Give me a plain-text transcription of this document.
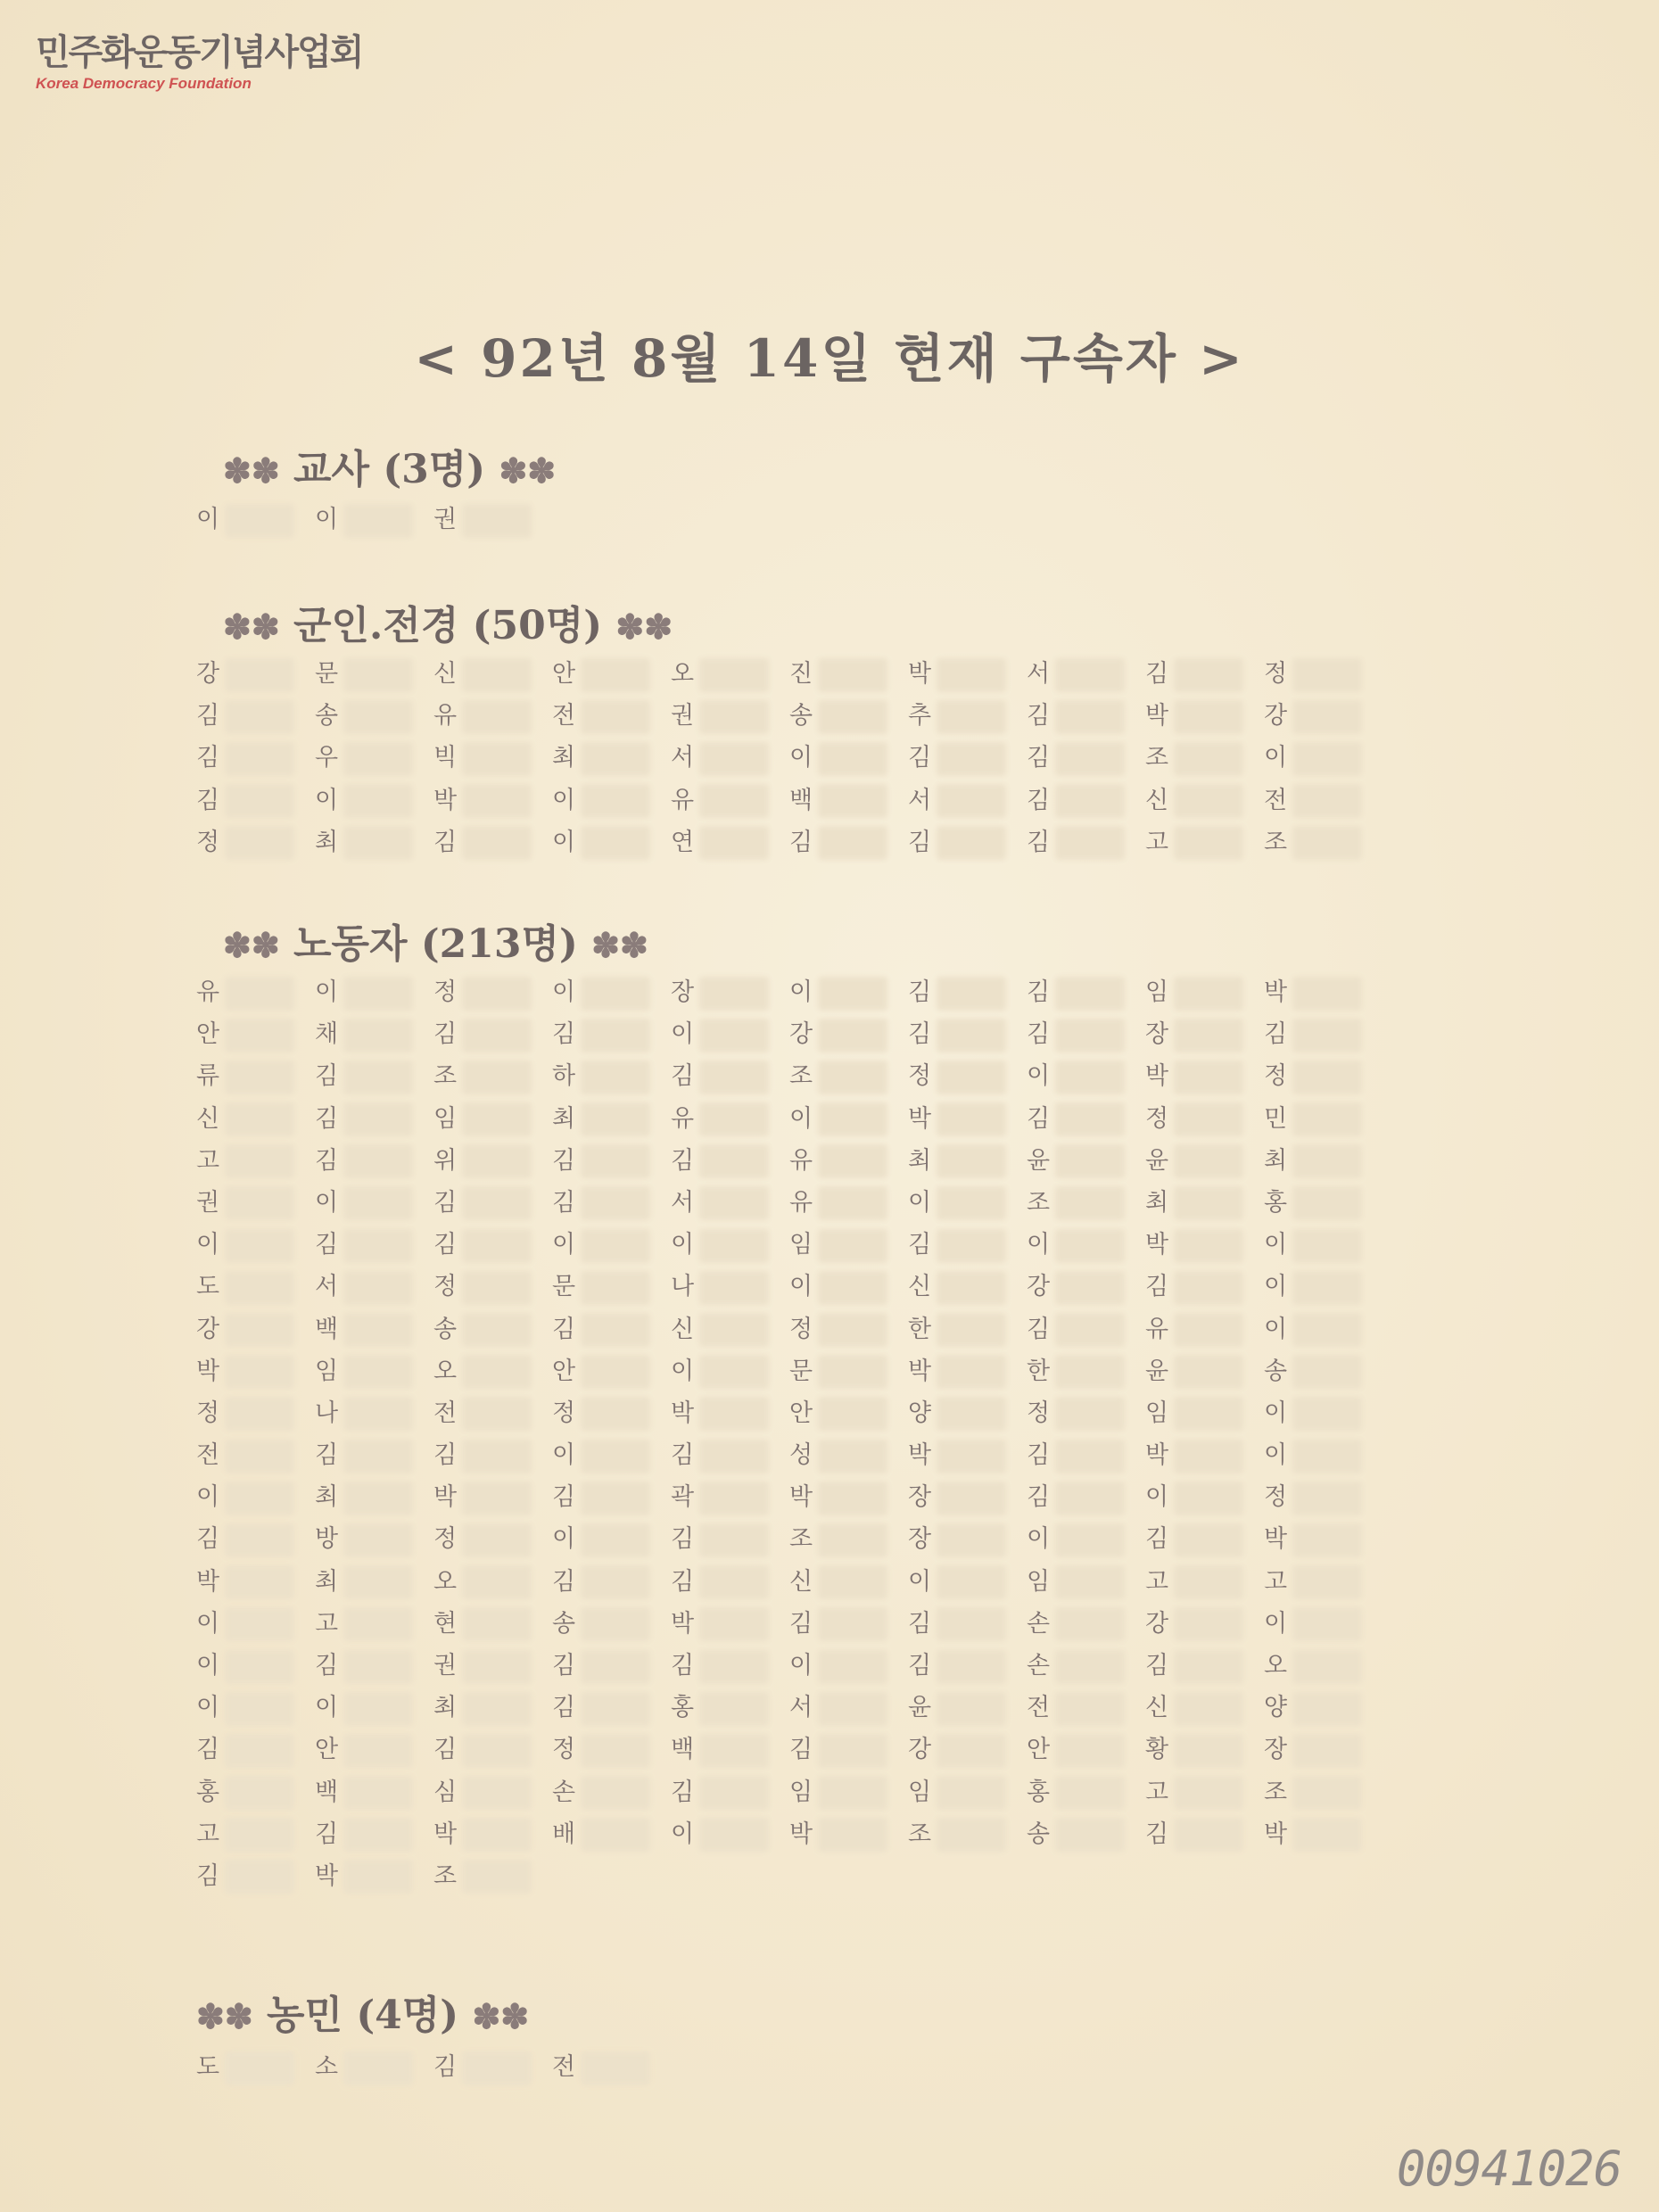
민주화운동기념사업회
Korea Democracy Foundation
< 92년 8월 14일 현재 구속자 >
✽✽ 교사 (3명) ✽✽
이	이	권
✽✽ 군인.전경 (50명) ✽✽
강	문	신	안	오	진	박	서	김	정
김	송	유	전	권	송	추	김	박	강
김	우	빅	최	서	이	김	김	조	이
김	이	박	이	유	백	서	김	신	전
정	최	김	이	연	김	김	김	고	조
✽✽ 노동자 (213명) ✽✽
유	이	정	이	장	이	김	김	임	박
안	채	김	김	이	강	김	김	장	김
류	김	조	하	김	조	정	이	박	정
신	김	임	최	유	이	박	김	정	민
고	김	위	김	김	유	최	윤	윤	최
권	이	김	김	서	유	이	조	최	홍
이	김	김	이	이	임	김	이	박	이
도	서	정	문	나	이	신	강	김	이
강	백	송	김	신	정	한	김	유	이
박	임	오	안	이	문	박	한	윤	송
정	나	전	정	박	안	양	정	임	이
전	김	김	이	김	성	박	김	박	이
이	최	박	김	곽	박	장	김	이	정
김	방	정	이	김	조	장	이	김	박
박	최	오	김	김	신	이	임	고	고
이	고	현	송	박	김	김	손	강	이
이	김	권	김	김	이	김	손	김	오
이	이	최	김	홍	서	윤	전	신	양
김	안	김	정	백	김	강	안	황	장
홍	백	심	손	김	임	임	홍	고	조
고	김	박	배	이	박	조	송	김	박
김	박	조
✽✽ 농민 (4명) ✽✽
도	소	김	전
00941026
